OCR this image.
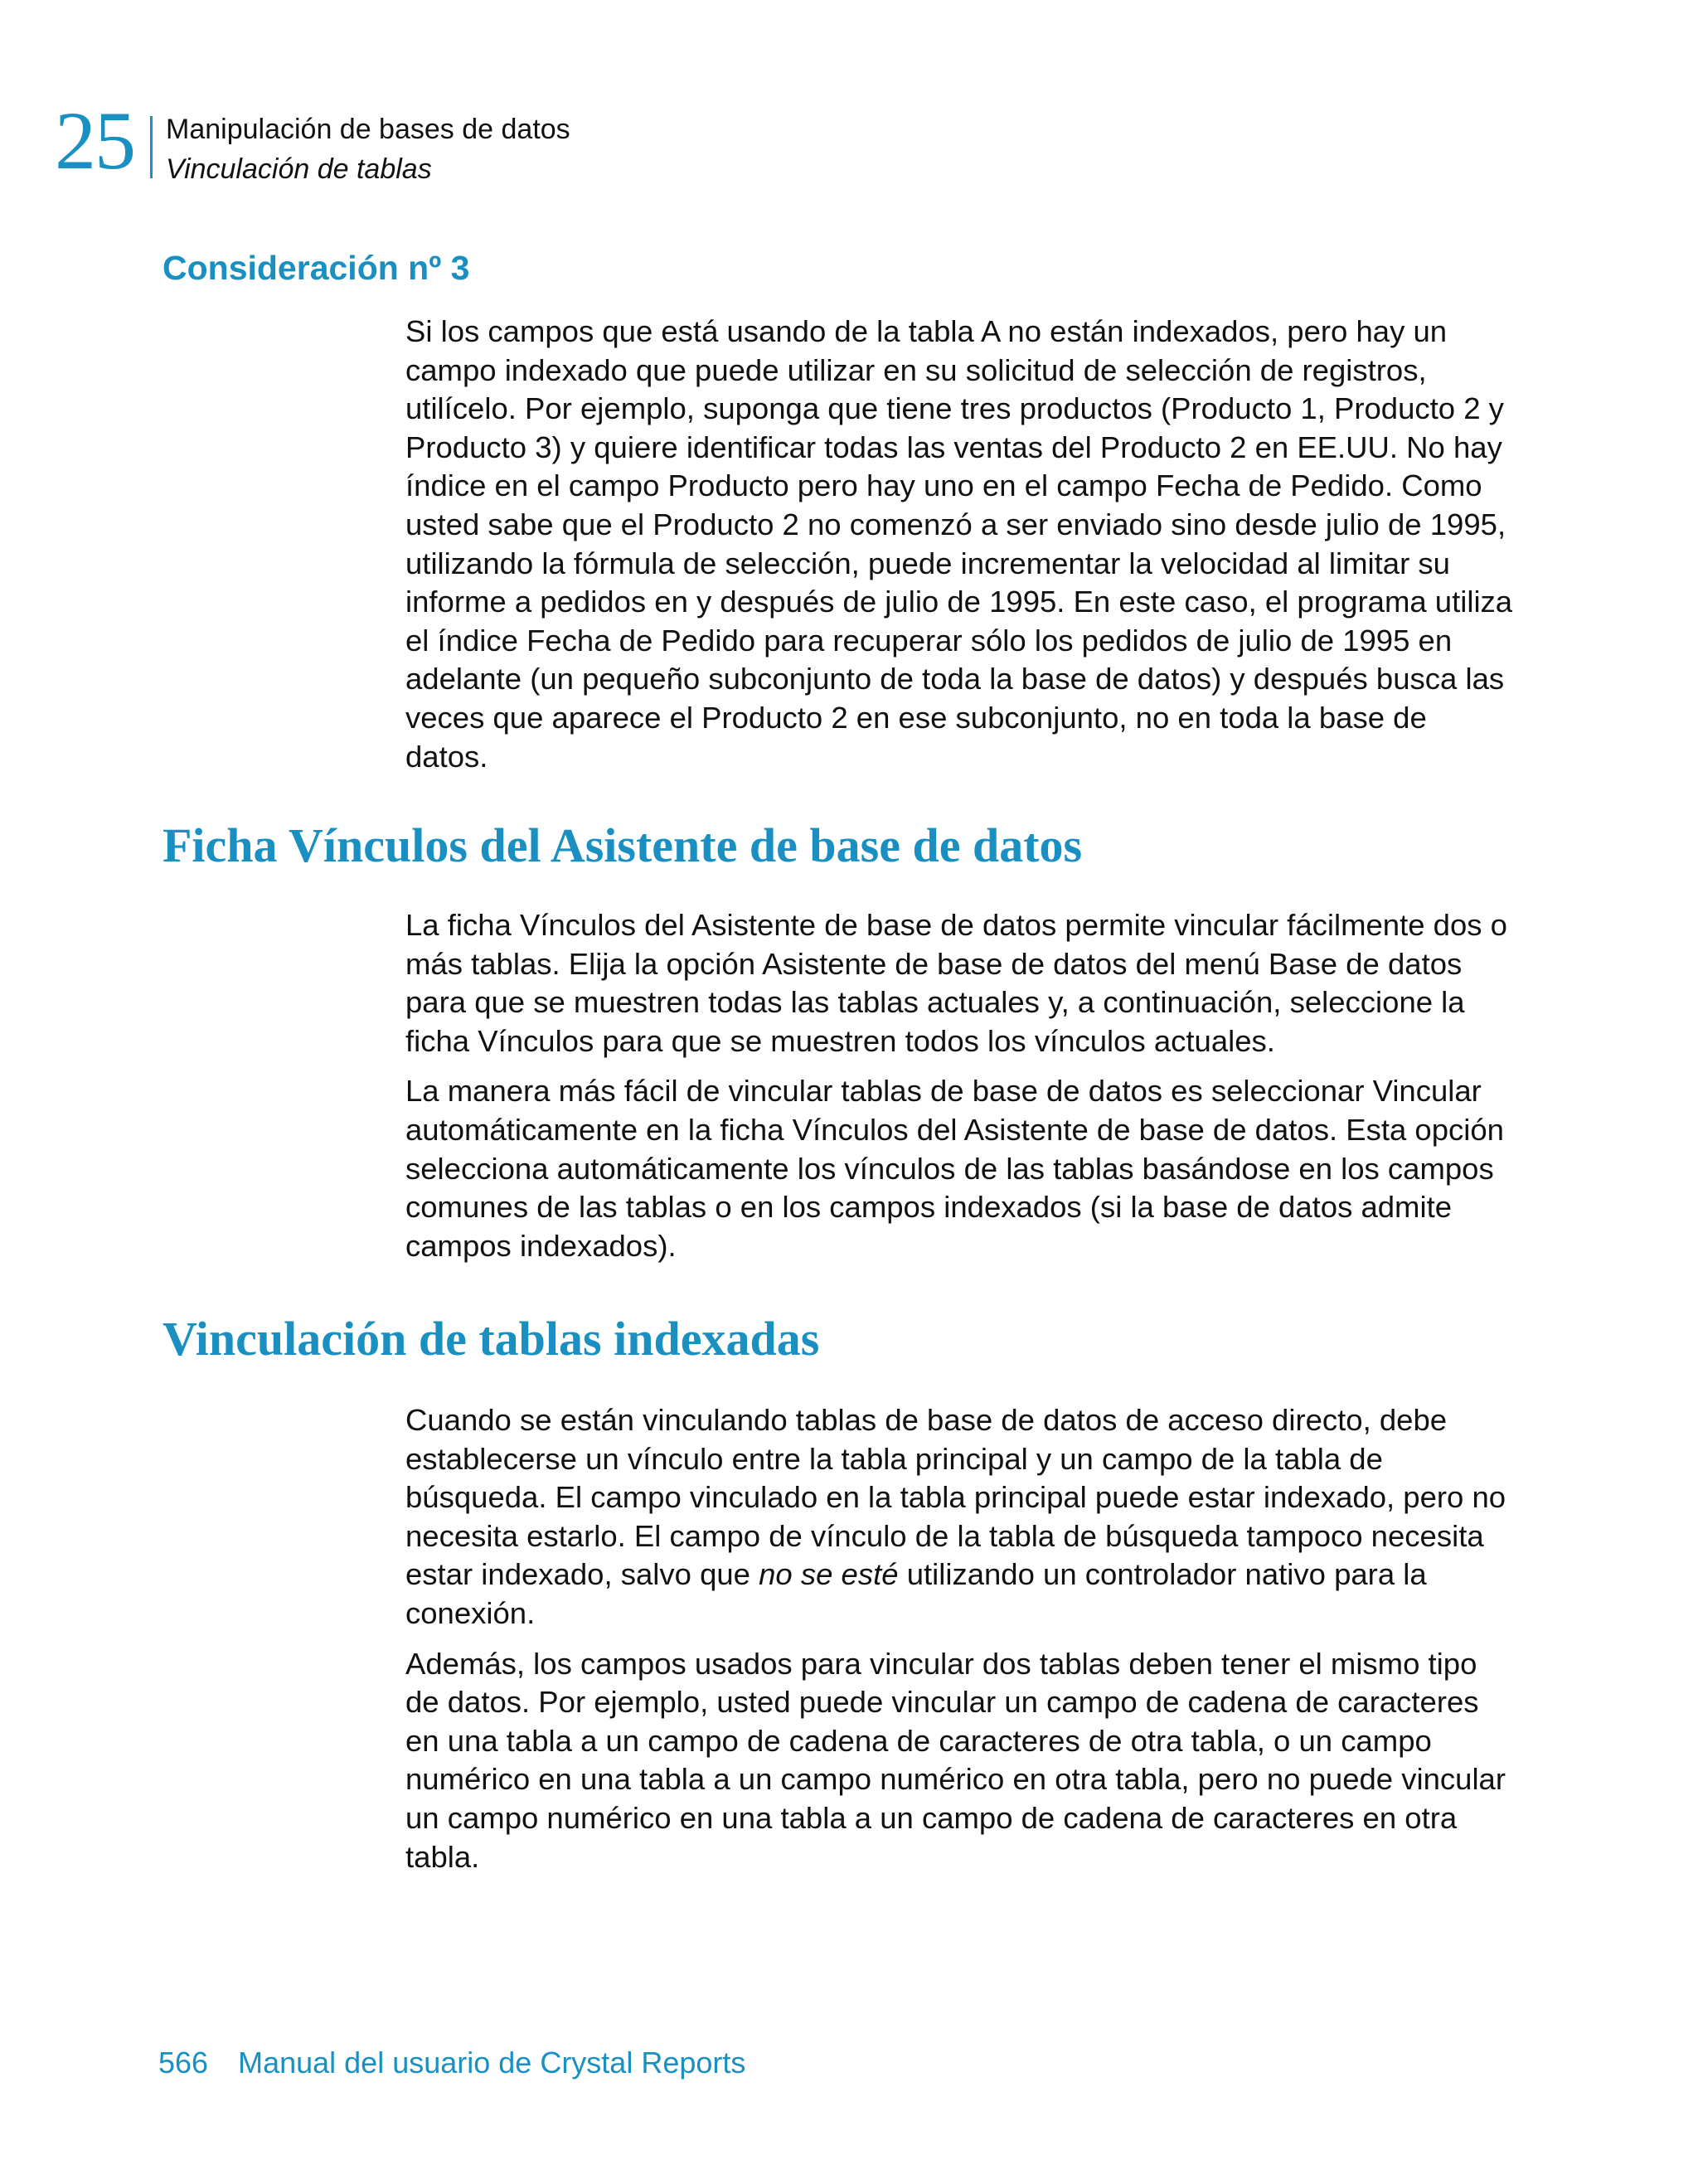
25 Manipulación de bases de datos
Vinculación de tablas
Consideración nº 3

Si los campos que está usando de la tabla A no están indexados, pero hay un campo indexado que puede utilizar en su solicitud de selección de registros, utilícelo. Por ejemplo, suponga que tiene tres productos (Producto 1, Producto 2 y Producto 3) y quiere identificar todas las ventas del Producto 2 en EE.UU. No hay índice en el campo Producto pero hay uno en el campo Fecha de Pedido. Como usted sabe que el Producto 2 no comenzó a ser enviado sino desde julio de 1995, utilizando la fórmula de selección, puede incrementar la velocidad al limitar su informe a pedidos en y después de julio de 1995. En este caso, el programa utiliza el índice Fecha de Pedido para recuperar sólo los pedidos de julio de 1995 en adelante (un pequeño subconjunto de toda la base de datos) y después busca las veces que aparece el Producto 2 en ese subconjunto, no en toda la base de datos.

Ficha Vínculos del Asistente de base de datos

La ficha Vínculos del Asistente de base de datos permite vincular fácilmente dos o más tablas. Elija la opción Asistente de base de datos del menú Base de datos para que se muestren todas las tablas actuales y, a continuación, seleccione la ficha Vínculos para que se muestren todos los vínculos actuales.

La manera más fácil de vincular tablas de base de datos es seleccionar Vincular automáticamente en la ficha Vínculos del Asistente de base de datos. Esta opción selecciona automáticamente los vínculos de las tablas basándose en los campos comunes de las tablas o en los campos indexados (si la base de datos admite campos indexados).

Vinculación de tablas indexadas

Cuando se están vinculando tablas de base de datos de acceso directo, debe establecerse un vínculo entre la tabla principal y un campo de la tabla de búsqueda. El campo vinculado en la tabla principal puede estar indexado, pero no necesita estarlo. El campo de vínculo de la tabla de búsqueda tampoco necesita estar indexado, salvo que no se esté utilizando un controlador nativo para la conexión.

Además, los campos usados para vincular dos tablas deben tener el mismo tipo de datos. Por ejemplo, usted puede vincular un campo de cadena de caracteres en una tabla a un campo de cadena de caracteres de otra tabla, o un campo numérico en una tabla a un campo numérico en otra tabla, pero no puede vincular un campo numérico en una tabla a un campo de cadena de caracteres en otra tabla.

566 Manual del usuario de Crystal Reports
